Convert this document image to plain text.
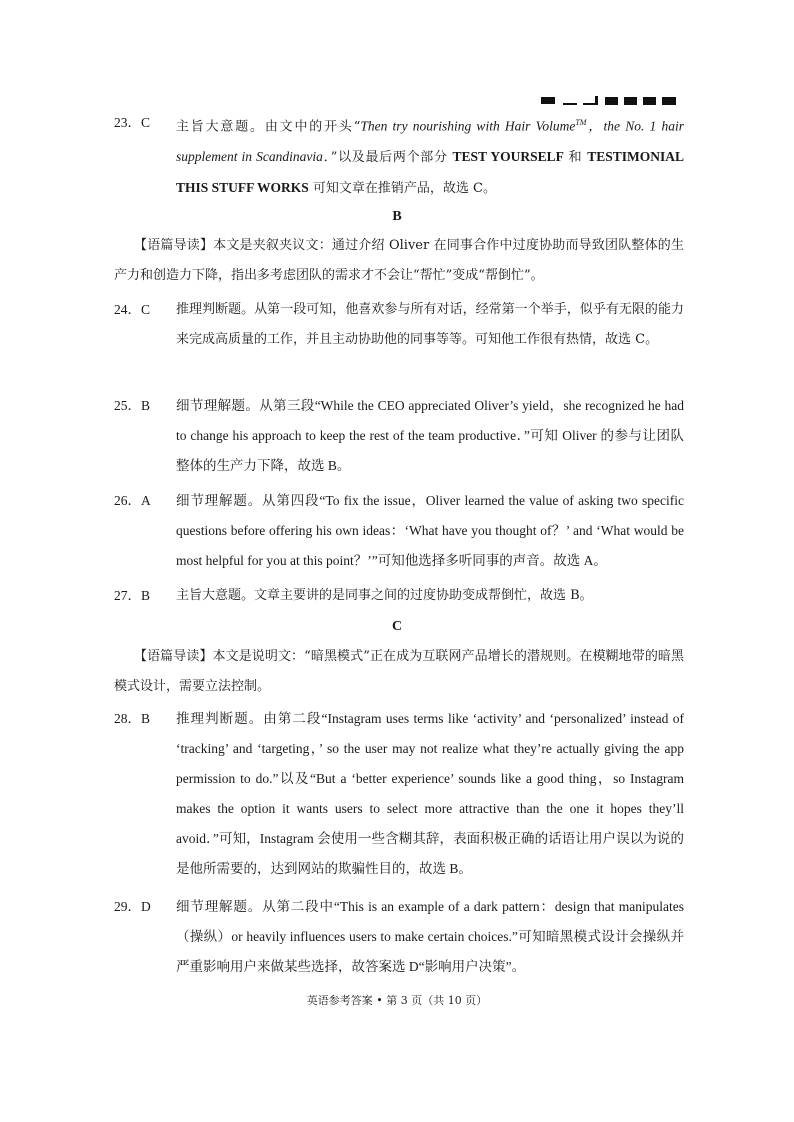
23．C	主旨大意题。由文中的开头“Then try nourishing with Hair Volume™，the No. 1 hair supplement in Scandinavia．”以及最后两个部分 TEST YOURSELF 和 TESTIMONIAL THIS STUFF WORKS 可知文章在推销产品，故选 C。
B
【语篇导读】本文是夹叙夹议文：通过介绍 Oliver 在同事合作中过度协助而导致团队整体的生产力和创造力下降，指出多考虑团队的需求才不会让“帮忙”变成“帮倒忙”。
24．C	推理判断题。从第一段可知，他喜欢参与所有对话，经常第一个举手，似乎有无限的能力来完成高质量的工作，并且主动协助他的同事等等。可知他工作很有热情，故选 C。
25．B	细节理解题。从第三段“While the CEO appreciated Oliver’s yield，she recognized he had to change his approach to keep the rest of the team productive．”可知 Oliver 的参与让团队整体的生产力下降，故选 B。
26．A	细节理解题。从第四段“To fix the issue，Oliver learned the value of asking two specific questions before offering his own ideas：‘What have you thought of？’ and ‘What would be most helpful for you at this point？’”可知他选择多听同事的声音。故选 A。
27．B	主旨大意题。文章主要讲的是同事之间的过度协助变成帮倒忙，故选 B。
C
【语篇导读】本文是说明文：“暗黑模式”正在成为互联网产品增长的潜规则。在模糊地带的暗黑模式设计，需要立法控制。
28．B	推理判断题。由第二段“Instagram uses terms like ‘activity’ and ‘personalized’ instead of ‘tracking’ and ‘targeting，’ so the user may not realize what they’re actually giving the app permission to do.”以及“But a ‘better experience’ sounds like a good thing，so Instagram makes the option it wants users to select more attractive than the one it hopes they’ll avoid．”可知，Instagram 会使用一些含糊其辞，表面积极正确的话语让用户误以为说的是他所需要的，达到网站的欺骗性目的，故选 B。
29．D	细节理解题。从第二段中“This is an example of a dark pattern：design that manipulates（操纵）or heavily influences users to make certain choices.”可知暗黑模式设计会操纵并严重影响用户来做某些选择，故答案选 D“影响用户决策”。
英语参考答案 • 第 3 页（共 10 页）
